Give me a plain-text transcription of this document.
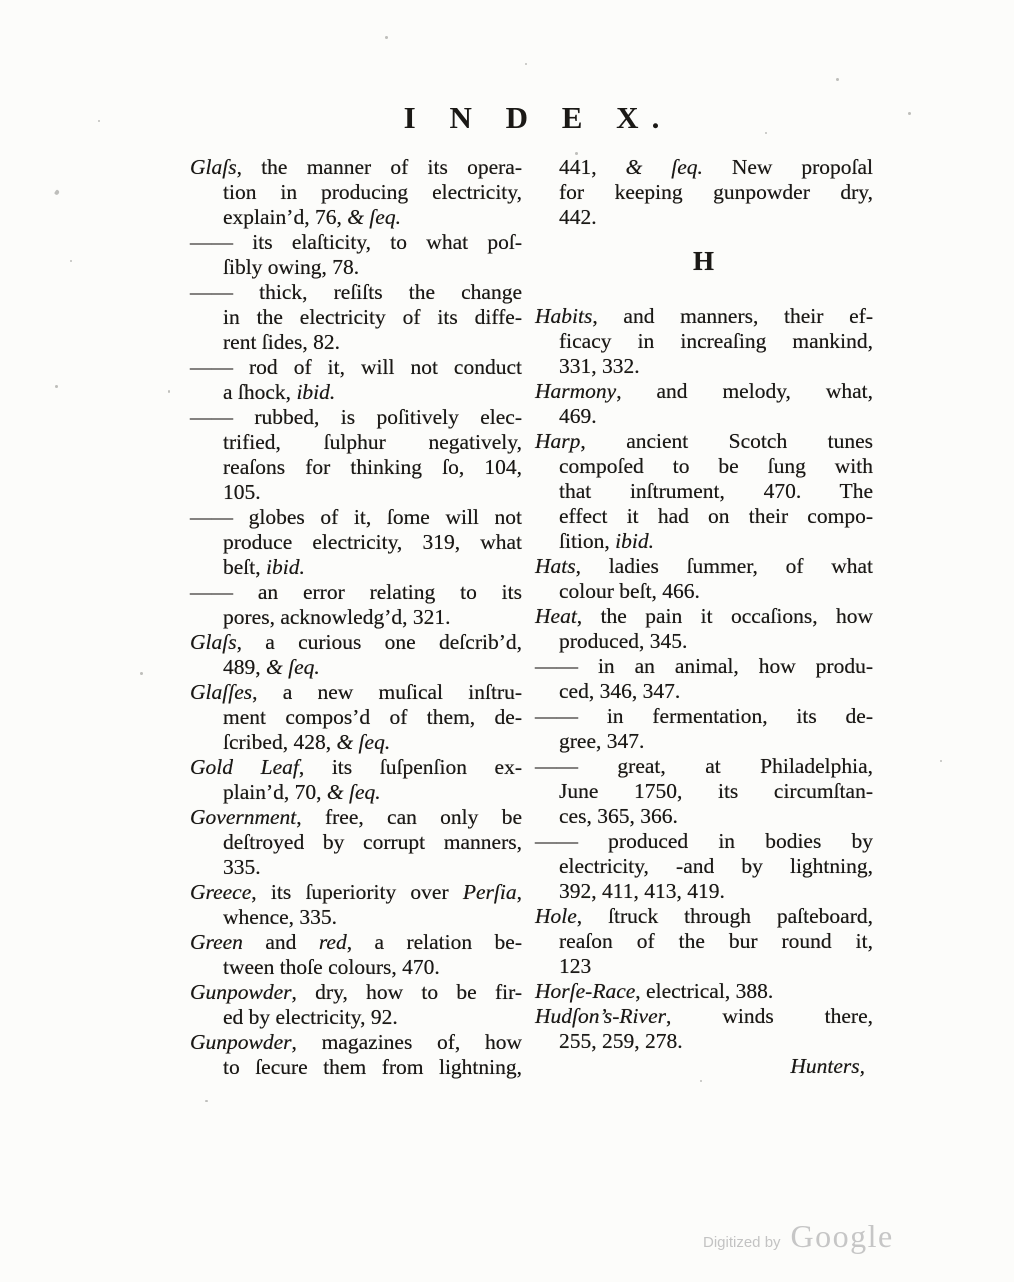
I N D E X.
Glaſs, the manner of its opera-
tion in producing electricity,
explain’d, 76, & ſeq.
—— its elaſticity, to what poſ-
ſibly owing, 78.
—— thick, reſiſts the change
in the electricity of its diffe-
rent ſides, 82.
—— rod of it, will not conduct
a ſhock, ibid.
—— rubbed, is poſitively elec-
trified, ſulphur negatively,
reaſons for thinking ſo, 104,
105.
—— globes of it, ſome will not
produce electricity, 319, what
beſt, ibid.
—— an error relating to its
pores, acknowledg’d, 321.
Glaſs, a curious one deſcrib’d,
489, & ſeq.
Glaſſes, a new muſical inſtru-
ment compos’d of them, de-
ſcribed, 428, & ſeq.
Gold Leaf, its ſuſpenſion ex-
plain’d, 70, & ſeq.
Government, free, can only be
deſtroyed by corrupt manners,
335.
Greece, its ſuperiority over Perſia,
whence, 335.
Green and red, a relation be-
tween thoſe colours, 470.
Gunpowder, dry, how to be fir-
ed by electricity, 92.
Gunpowder, magazines of, how
to ſecure them from lightning,
441, & ſeq. New propoſal
for keeping gunpowder dry,
442.
H
Habits, and manners, their ef-
ficacy in increaſing mankind,
331, 332.
Harmony, and melody, what,
469.
Harp, ancient Scotch tunes
compoſed to be ſung with
that inſtrument, 470. The
effect it had on their compo-
ſition, ibid.
Hats, ladies ſummer, of what
colour beſt, 466.
Heat, the pain it occaſions, how
produced, 345.
—— in an animal, how produ-
ced, 346, 347.
—— in fermentation, its de-
gree, 347.
—— great, at Philadelphia,
June 1750, its circumſtan-
ces, 365, 366.
—— produced in bodies by
electricity, -and by lightning,
392, 411, 413, 419.
Hole, ſtruck through paſteboard,
reaſon of the bur round it,
123
Horſe-Race, electrical, 388.
Hudſon’s-River, winds there,
255, 259, 278.
Hunters,
Digitized by Google
